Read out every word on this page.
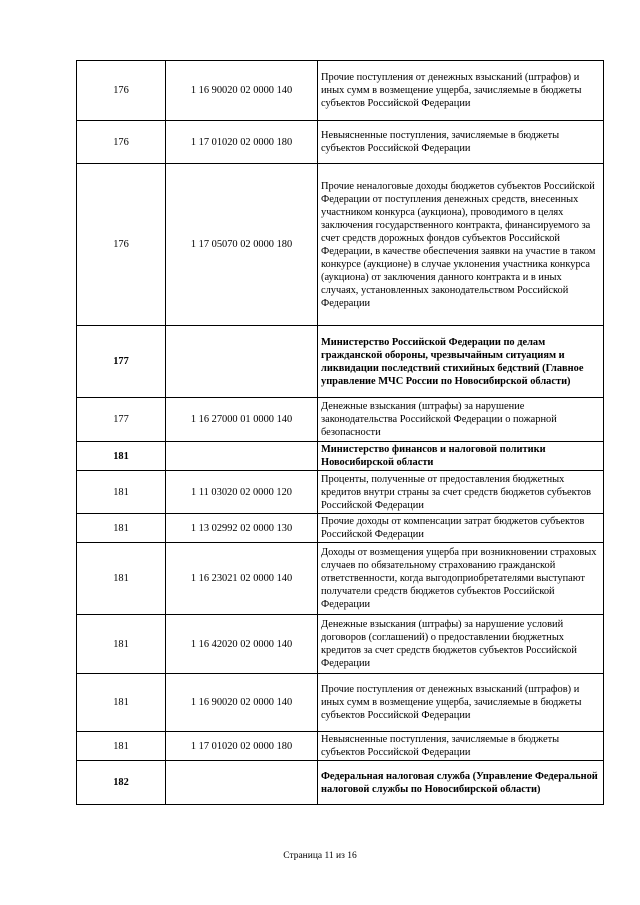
176	1 16 90020 02 0000 140	Прочие поступления от денежных взысканий (штрафов) и иных сумм в возмещение ущерба, зачисляемые в бюджеты субъектов Российской Федерации
176	1 17 01020 02 0000 180	Невыясненные поступления, зачисляемые в бюджеты субъектов Российской Федерации
176	1 17 05070 02 0000 180	Прочие неналоговые доходы бюджетов субъектов Российской Федерации от поступления денежных средств, внесенных участником конкурса (аукциона), проводимого в целях заключения государственного контракта, финансируемого за счет средств дорожных фондов субъектов Российской Федерации, в качестве обеспечения заявки на участие в таком конкурсе (аукционе) в случае уклонения участника конкурса (аукциона) от заключения данного контракта и в иных случаях, установленных законодательством Российской Федерации
177		Министерство Российской Федерации по делам гражданской обороны, чрезвычайным ситуациям и ликвидации последствий стихийных бедствий (Главное управление МЧС России по Новосибирской области)
177	1 16 27000 01 0000 140	Денежные взыскания (штрафы) за нарушение законодательства Российской Федерации о пожарной безопасности
181		Министерство финансов и налоговой политики Новосибирской области
181	1 11 03020 02 0000 120	Проценты, полученные от предоставления бюджетных кредитов внутри страны за счет средств бюджетов субъектов Российской Федерации
181	1 13 02992 02 0000 130	Прочие доходы от компенсации затрат бюджетов субъектов Российской Федерации
181	1 16 23021 02 0000 140	Доходы от возмещения ущерба при возникновении страховых случаев по обязательному страхованию гражданской ответственности, когда выгодоприобретателями выступают получатели средств бюджетов субъектов Российской Федерации
181	1 16 42020 02 0000 140	Денежные взыскания (штрафы) за нарушение условий договоров (соглашений) о предоставлении бюджетных кредитов за счет средств бюджетов субъектов Российской Федерации
181	1 16 90020 02 0000 140	Прочие поступления от денежных взысканий (штрафов) и иных сумм в возмещение ущерба, зачисляемые в бюджеты субъектов Российской Федерации
181	1 17 01020 02 0000 180	Невыясненные поступления, зачисляемые в бюджеты субъектов Российской Федерации
182		Федеральная налоговая служба (Управление Федеральной налоговой службы по Новосибирской области)
Страница 11 из 16
